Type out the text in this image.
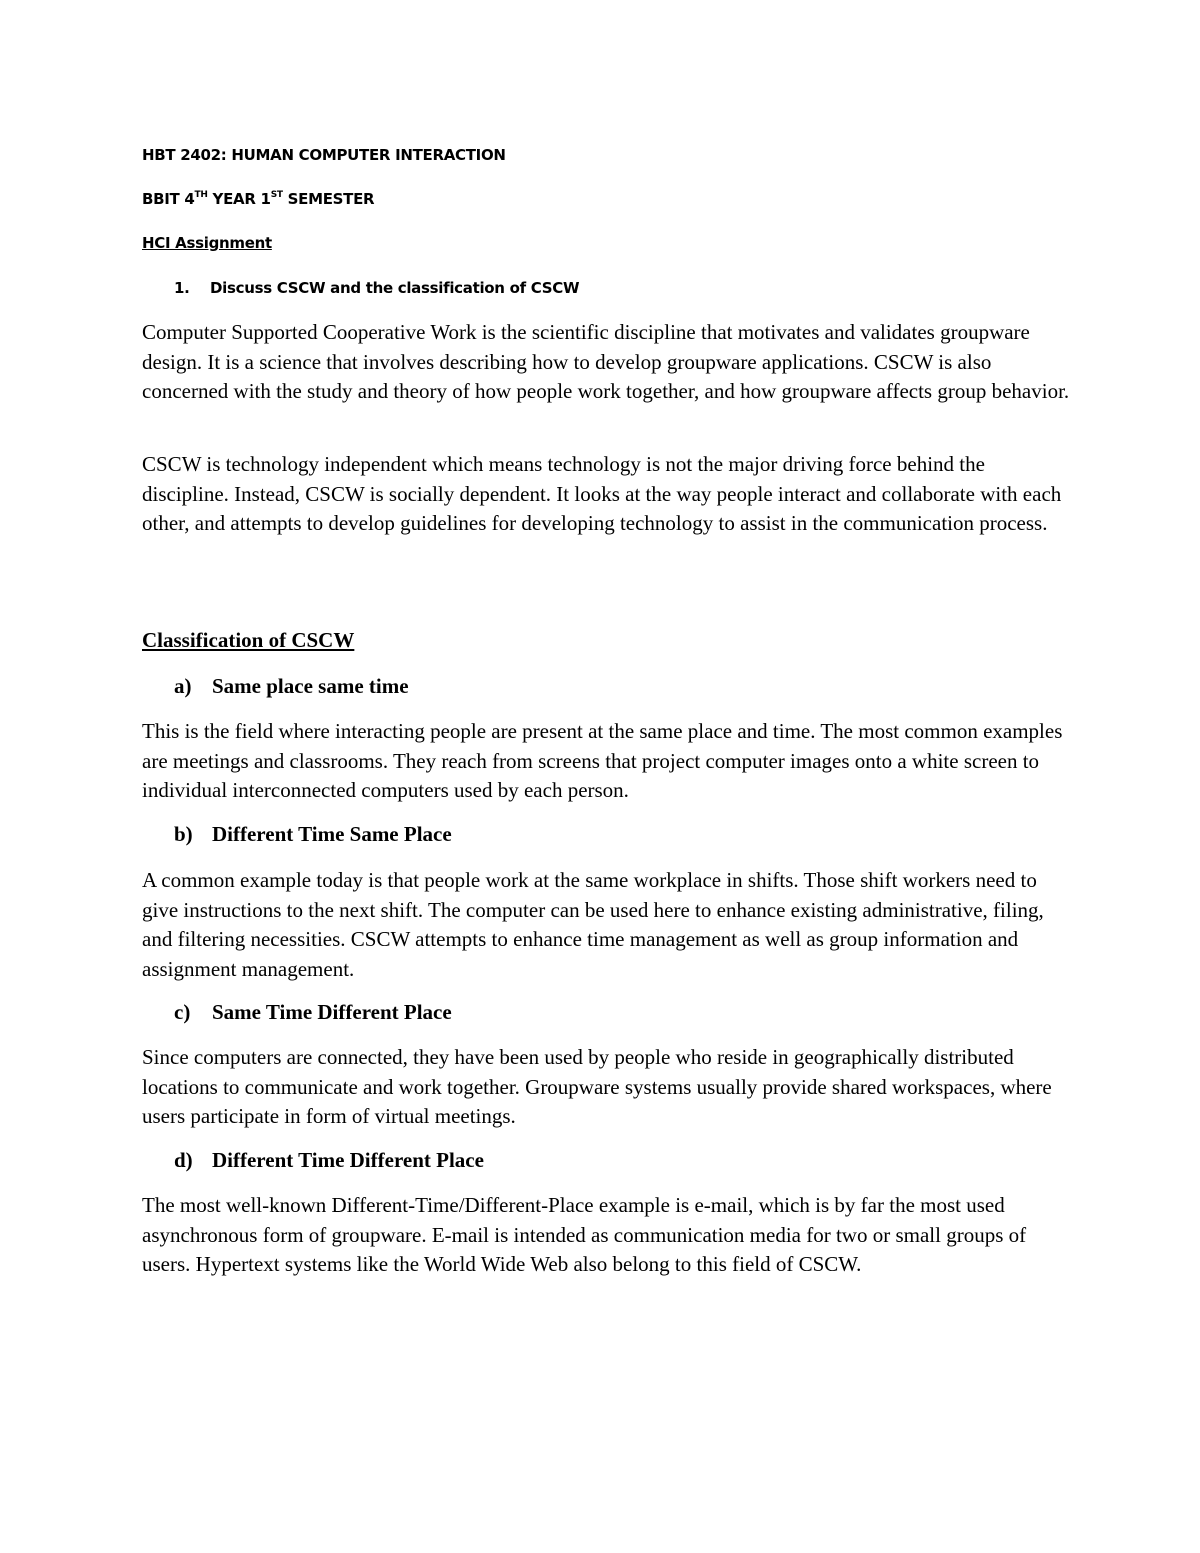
HBT 2402: HUMAN COMPUTER INTERACTION

BBIT 4TH YEAR 1ST SEMESTER

HCI Assignment

1. Discuss CSCW and the classification of CSCW

Computer Supported Cooperative Work is the scientific discipline that motivates and validates groupware design. It is a science that involves describing how to develop groupware applications. CSCW is also concerned with the study and theory of how people work together, and how groupware affects group behavior.

CSCW is technology independent which means technology is not the major driving force behind the discipline. Instead, CSCW is socially dependent. It looks at the way people interact and collaborate with each other, and attempts to develop guidelines for developing technology to assist in the communication process.

Classification of CSCW

a) Same place same time

This is the field where interacting people are present at the same place and time. The most common examples are meetings and classrooms. They reach from screens that project computer images onto a white screen to individual interconnected computers used by each person.

b) Different Time Same Place

A common example today is that people work at the same workplace in shifts. Those shift workers need to give instructions to the next shift. The computer can be used here to enhance existing administrative, filing, and filtering necessities. CSCW attempts to enhance time management as well as group information and assignment management.

c) Same Time Different Place

Since computers are connected, they have been used by people who reside in geographically distributed locations to communicate and work together. Groupware systems usually provide shared workspaces, where users participate in form of virtual meetings.

d) Different Time Different Place

The most well-known Different-Time/Different-Place example is e-mail, which is by far the most used asynchronous form of groupware. E-mail is intended as communication media for two or small groups of users. Hypertext systems like the World Wide Web also belong to this field of CSCW.
